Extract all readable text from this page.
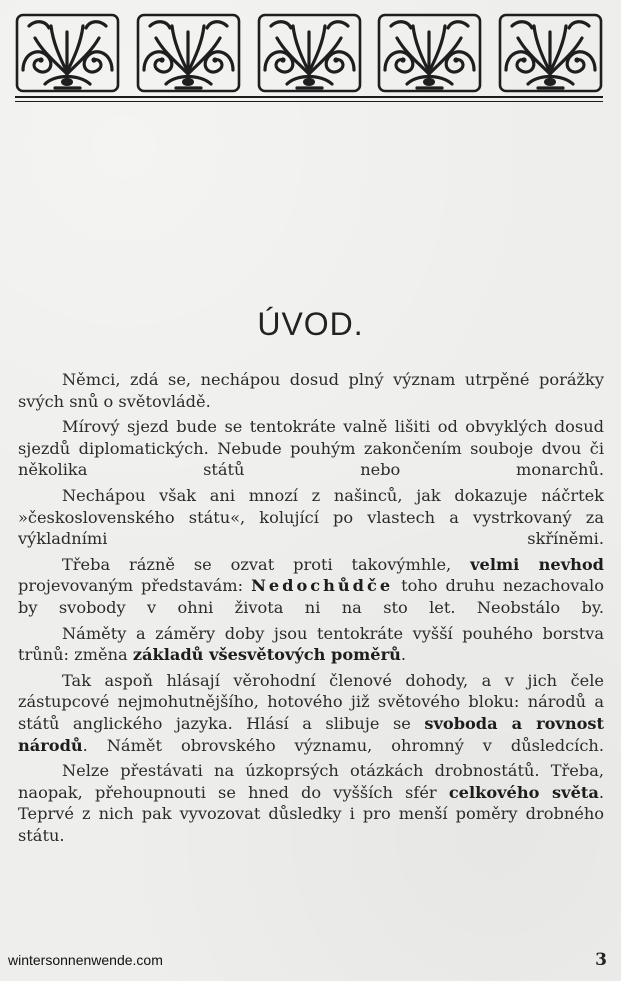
ÚVOD.

Němci, zdá se, nechápou dosud plný význam utrpěné porážky svých snů o světovládě.

Mírový sjezd bude se tentokráte valně lišiti od obvyklých dosud sjezdů diplomatických. Nebude pouhým zakončením souboje dvou či několika států nebo monarchů.

Nechápou však ani mnozí z našinců, jak dokazuje náčrtek »československého státu«, kolující po vlastech a vystrkovaný za výkladními skříněmi.

Třeba rázně se ozvat proti takovýmhle, velmi nevhod projevovaným představám: Nedochůdče toho druhu nezachovalo by svobody v ohni života ni na sto let. Neobstálo by.

Náměty a záměry doby jsou tentokráte vyšší pouhého borstva trůnů: změna základů všesvětových poměrů.

Tak aspoň hlásají věrohodní členové dohody, a v jich čele zástupcové nejmohutnějšího, hotového již světového bloku: národů a států anglického jazyka. Hlásí a slibuje se svoboda a rovnost národů. Námět obrovského významu, ohromný v důsledcích.

Nelze přestávati na úzkoprsých otázkách drobnostátů. Třeba, naopak, přehoupnouti se hned do vyšších sfér celkového světa. Teprvé z nich pak vyvozovat důsledky i pro menší poměry drobného státu.

wintersonnenwende.com	3
